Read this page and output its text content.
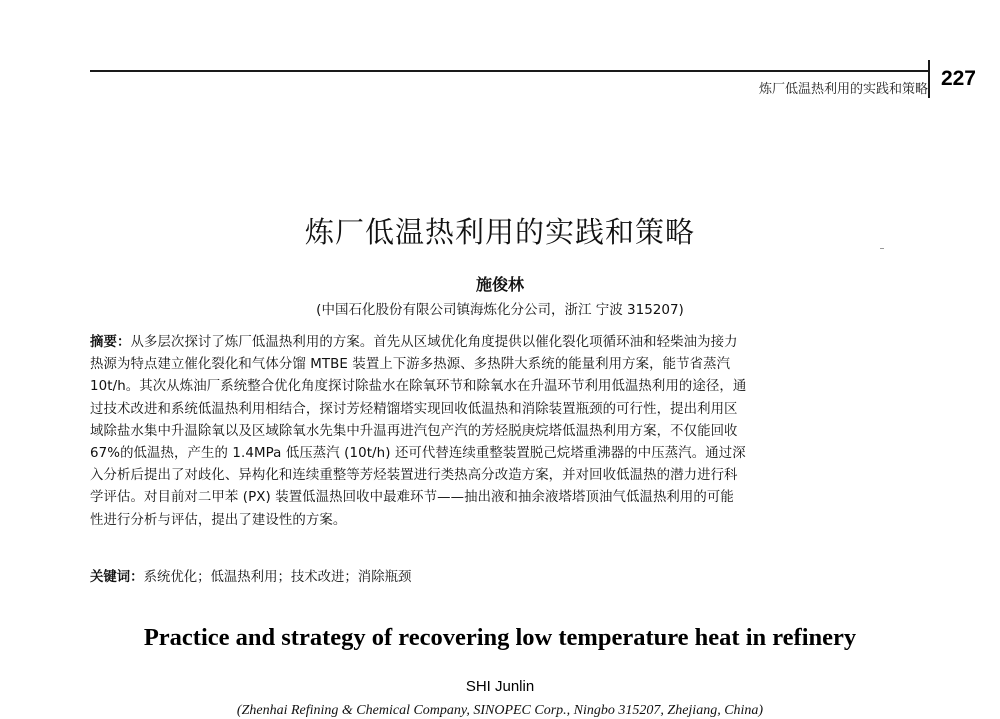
炼厂低温热利用的实践和策略 227
炼厂低温热利用的实践和策略
施俊林
(中国石化股份有限公司镇海炼化分公司，浙江 宁波 315207)
摘要：从多层次探讨了炼厂低温热利用的方案。首先从区域优化角度提供以催化裂化项循环油和轻柴油为接力
热源为特点建立催化裂化和气体分馏 MTBE 装置上下游多热源、多热阱大系统的能量利用方案，能节省蒸汽
10t/h。其次从炼油厂系统整合优化角度探讨除盐水在除氧环节和除氧水在升温环节利用低温热利用的途径，通
过技术改进和系统低温热利用相结合，探讨芳烃精馏塔实现回收低温热和消除装置瓶颈的可行性，提出利用区
域除盐水集中升温除氧以及区域除氧水先集中升温再进汽包产汽的芳烃脱庚烷塔低温热利用方案，不仅能回收
67%的低温热，产生的 1.4MPa 低压蒸汽 (10t/h) 还可代替连续重整装置脱己烷塔重沸器的中压蒸汽。通过深
入分析后提出了对歧化、异构化和连续重整等芳烃装置进行类热高分改造方案，并对回收低温热的潜力进行科
学评估。对目前对二甲苯 (PX) 装置低温热回收中最难环节——抽出液和抽余液塔塔顶油气低温热利用的可能
性进行分析与评估，提出了建设性的方案。
关键词：系统优化；低温热利用；技术改进；消除瓶颈
Practice and strategy of recovering low temperature heat in refinery
SHI Junlin
(Zhenhai Refining & Chemical Company, SINOPEC Corp., Ningbo 315207, Zhejiang, China)
